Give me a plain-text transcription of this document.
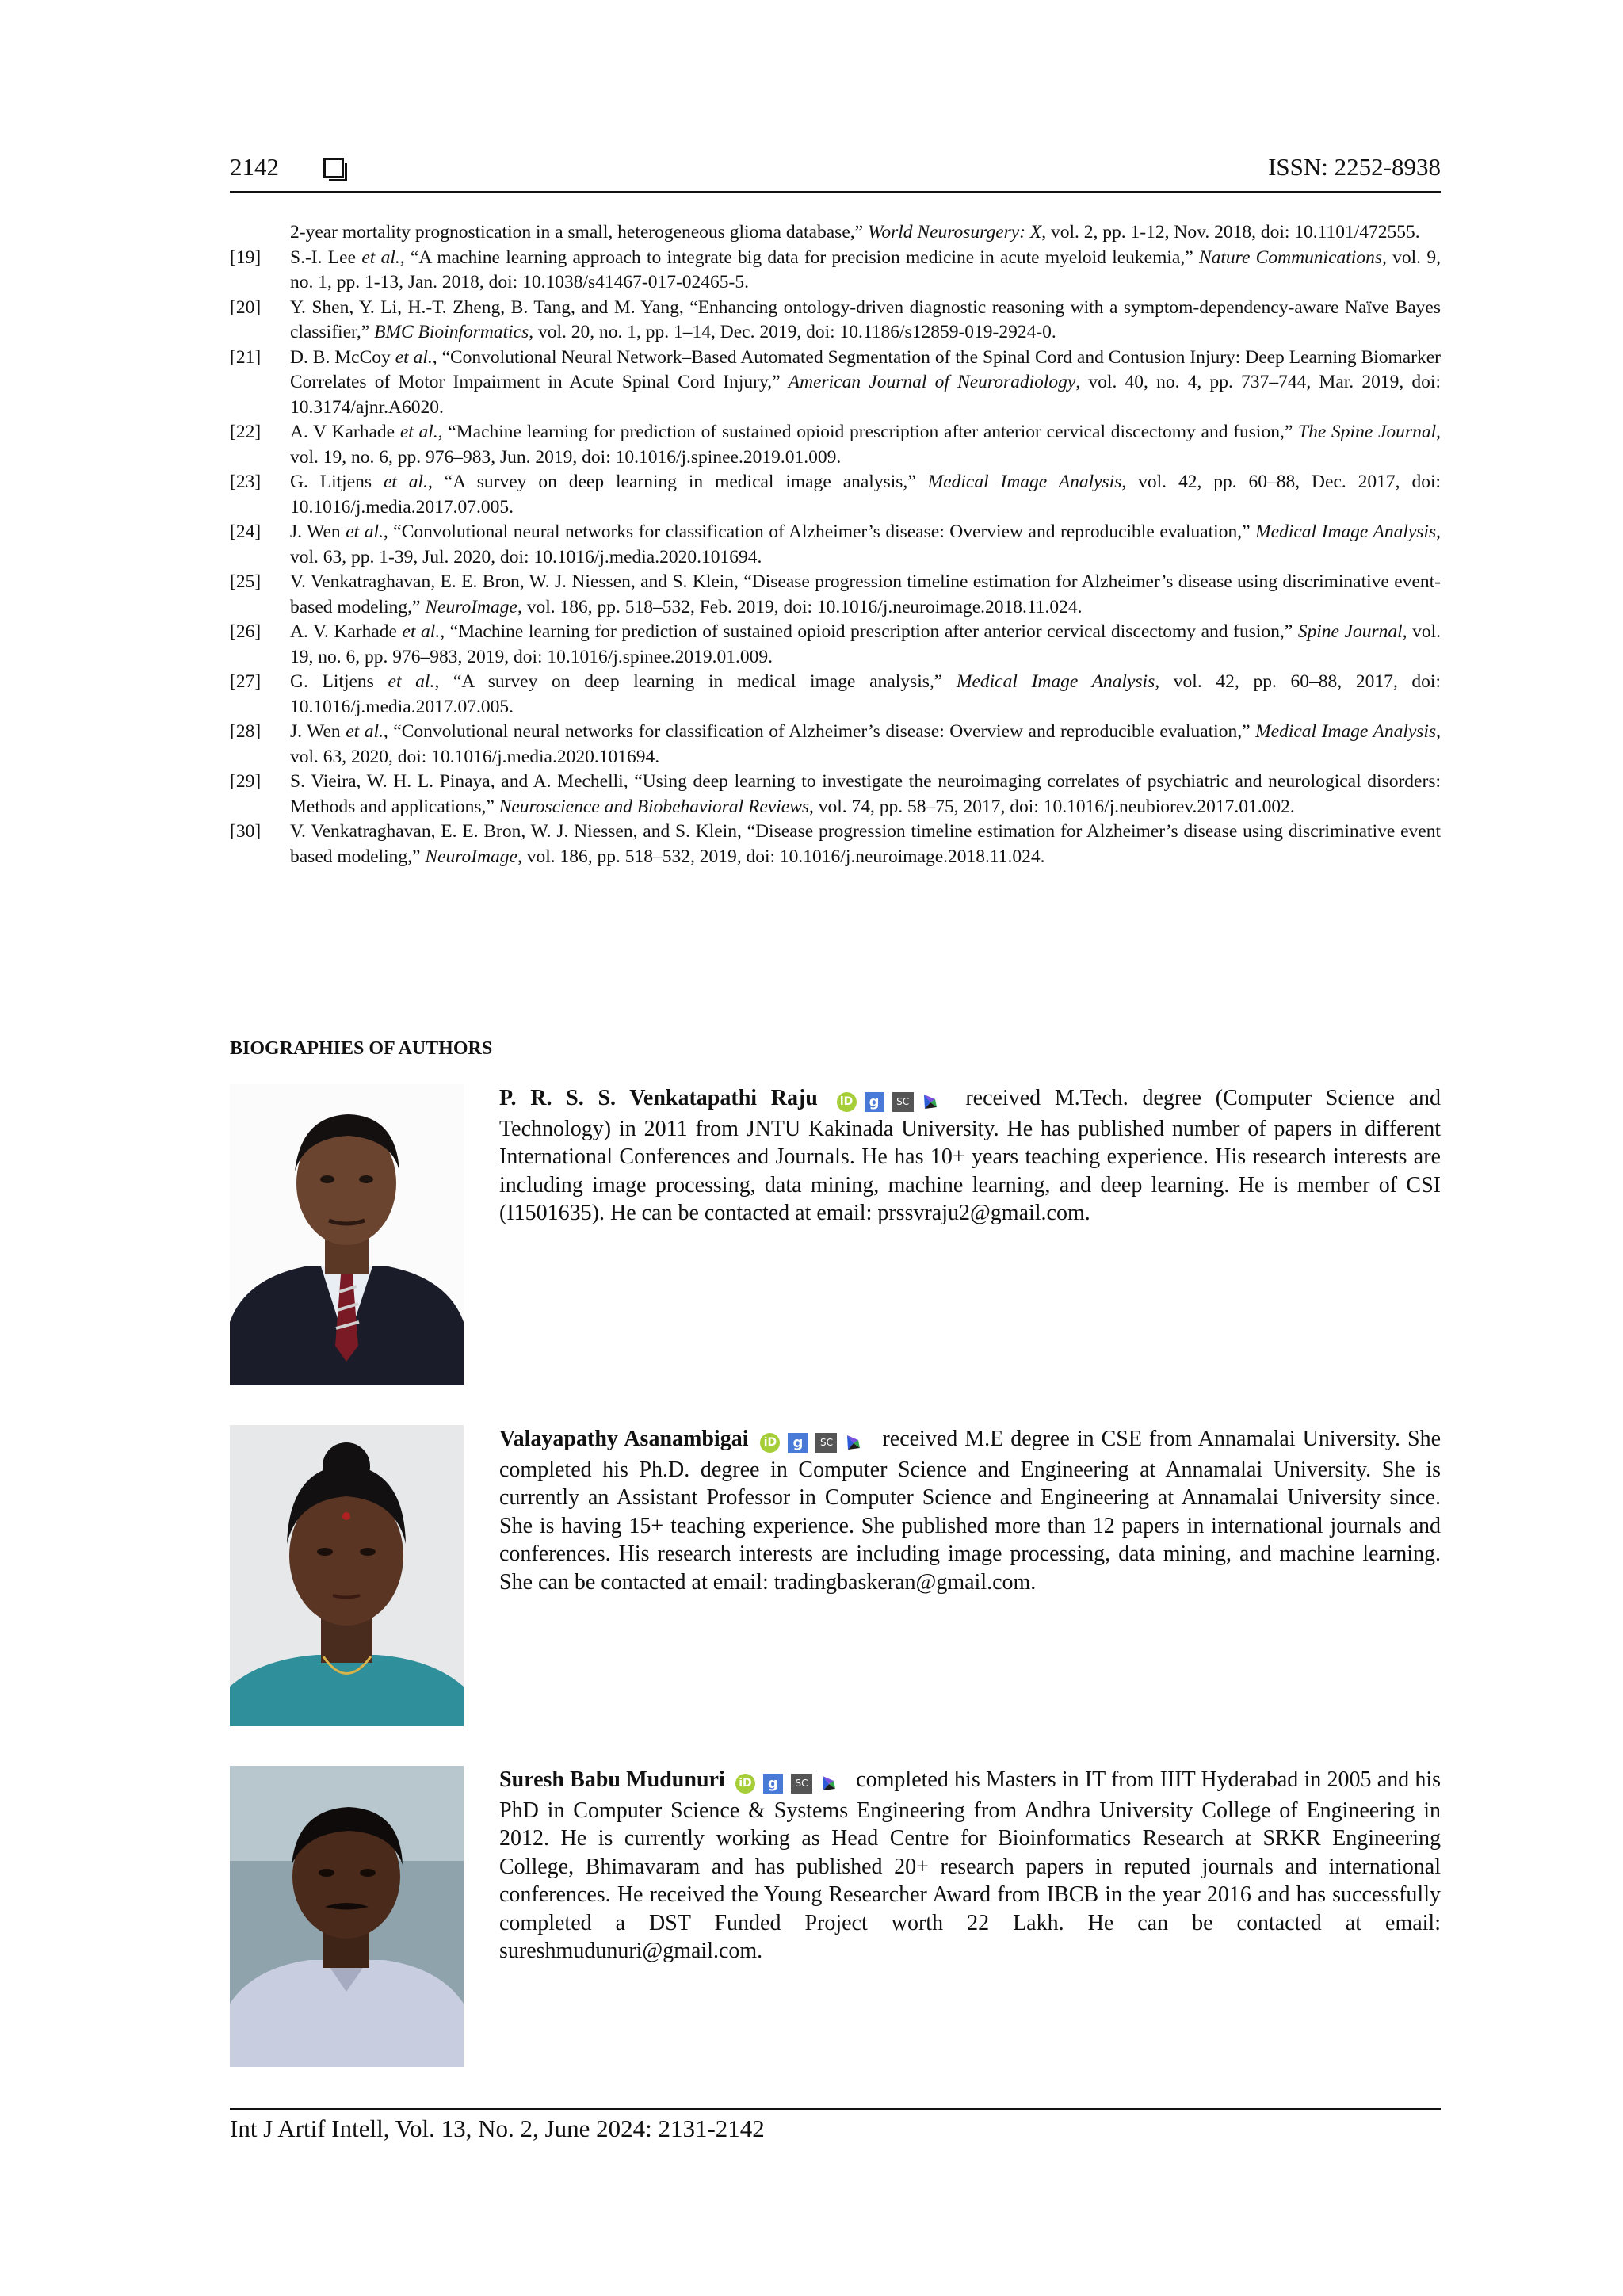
2142	ISSN: 2252-8938
2-year mortality prognostication in a small, heterogeneous glioma database,” World Neurosurgery: X, vol. 2, pp. 1-12, Nov. 2018, doi: 10.1101/472555.
[19] S.-I. Lee et al., “A machine learning approach to integrate big data for precision medicine in acute myeloid leukemia,” Nature Communications, vol. 9, no. 1, pp. 1-13, Jan. 2018, doi: 10.1038/s41467-017-02465-5.
[20] Y. Shen, Y. Li, H.-T. Zheng, B. Tang, and M. Yang, “Enhancing ontology-driven diagnostic reasoning with a symptom-dependency-aware Naïve Bayes classifier,” BMC Bioinformatics, vol. 20, no. 1, pp. 1–14, Dec. 2019, doi: 10.1186/s12859-019-2924-0.
[21] D. B. McCoy et al., “Convolutional Neural Network–Based Automated Segmentation of the Spinal Cord and Contusion Injury: Deep Learning Biomarker Correlates of Motor Impairment in Acute Spinal Cord Injury,” American Journal of Neuroradiology, vol. 40, no. 4, pp. 737–744, Mar. 2019, doi: 10.3174/ajnr.A6020.
[22] A. V Karhade et al., “Machine learning for prediction of sustained opioid prescription after anterior cervical discectomy and fusion,” The Spine Journal, vol. 19, no. 6, pp. 976–983, Jun. 2019, doi: 10.1016/j.spinee.2019.01.009.
[23] G. Litjens et al., “A survey on deep learning in medical image analysis,” Medical Image Analysis, vol. 42, pp. 60–88, Dec. 2017, doi: 10.1016/j.media.2017.07.005.
[24] J. Wen et al., “Convolutional neural networks for classification of Alzheimer’s disease: Overview and reproducible evaluation,” Medical Image Analysis, vol. 63, pp. 1-39, Jul. 2020, doi: 10.1016/j.media.2020.101694.
[25] V. Venkatraghavan, E. E. Bron, W. J. Niessen, and S. Klein, “Disease progression timeline estimation for Alzheimer’s disease using discriminative event-based modeling,” NeuroImage, vol. 186, pp. 518–532, Feb. 2019, doi: 10.1016/j.neuroimage.2018.11.024.
[26] A. V. Karhade et al., “Machine learning for prediction of sustained opioid prescription after anterior cervical discectomy and fusion,” Spine Journal, vol. 19, no. 6, pp. 976–983, 2019, doi: 10.1016/j.spinee.2019.01.009.
[27] G. Litjens et al., “A survey on deep learning in medical image analysis,” Medical Image Analysis, vol. 42, pp. 60–88, 2017, doi: 10.1016/j.media.2017.07.005.
[28] J. Wen et al., “Convolutional neural networks for classification of Alzheimer’s disease: Overview and reproducible evaluation,” Medical Image Analysis, vol. 63, 2020, doi: 10.1016/j.media.2020.101694.
[29] S. Vieira, W. H. L. Pinaya, and A. Mechelli, “Using deep learning to investigate the neuroimaging correlates of psychiatric and neurological disorders: Methods and applications,” Neuroscience and Biobehavioral Reviews, vol. 74, pp. 58–75, 2017, doi: 10.1016/j.neubiorev.2017.01.002.
[30] V. Venkatraghavan, E. E. Bron, W. J. Niessen, and S. Klein, “Disease progression timeline estimation for Alzheimer’s disease using discriminative event based modeling,” NeuroImage, vol. 186, pp. 518–532, 2019, doi: 10.1016/j.neuroimage.2018.11.024.
BIOGRAPHIES OF AUTHORS
P. R. S. S. Venkatapathi Raju iD g SC	received M.Tech. degree (Computer Science and Technology) in 2011 from JNTU Kakinada University. He has published number of papers in different International Conferences and Journals. He has 10+ years teaching experience. His research interests are including image processing, data mining, machine learning, and deep learning. He is member of CSI (I1501635). He can be contacted at email: prssvraju2@gmail.com.
Valayapathy Asanambigai iD g SC received M.E degree in CSE from Annamalai University. She completed his Ph.D. degree in Computer Science and Engineering at Annamalai University. She is currently an Assistant Professor in Computer Science and Engineering at Annamalai University since. She is having 15+ teaching experience. She published more than 12 papers in international journals and conferences. His research interests are including image processing, data mining, and machine learning. She can be contacted at email: tradingbaskeran@gmail.com.
Suresh Babu Mudunuri iD g SC completed his Masters in IT from IIIT Hyderabad in 2005 and his PhD in Computer Science & Systems Engineering from Andhra University College of Engineering in 2012. He is currently working as Head Centre for Bioinformatics Research at SRKR Engineering College, Bhimavaram and has published 20+ research papers in reputed journals and international conferences. He received the Young Researcher Award from IBCB in the year 2016 and has successfully completed a DST Funded Project worth 22 Lakh. He can be contacted at email: sureshmudunuri@gmail.com.
Int J Artif Intell, Vol. 13, No. 2, June 2024: 2131-2142
